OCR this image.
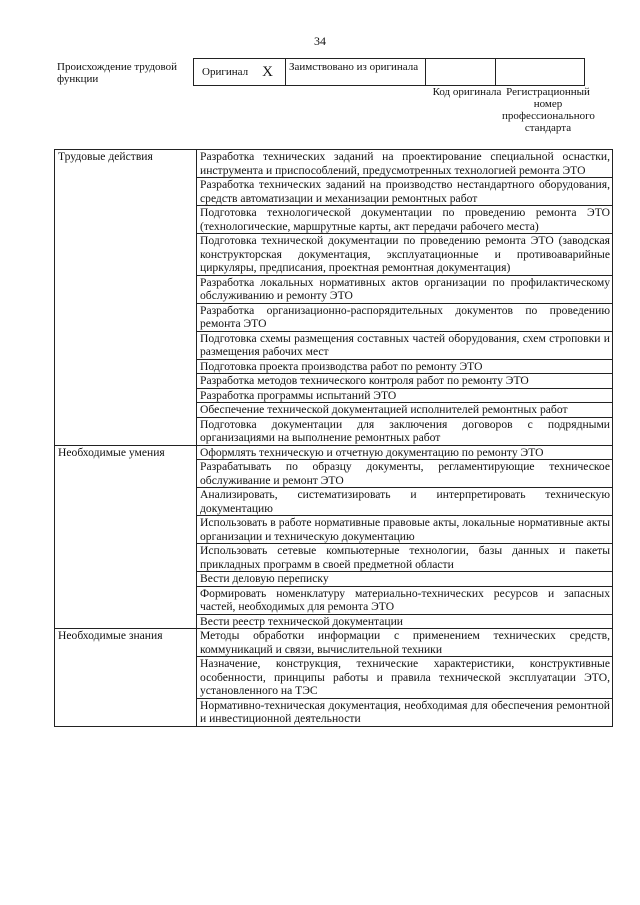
34
Происхождение трудовой функции
Оригинал X Заимствовано из оригинала
Код оригинала Регистрационный номер профессионального стандарта
Трудовые действия	Разработка технических заданий на проектирование специальной оснастки, инструмента и приспособлений, предусмотренных технологией ремонта ЭТО
	Разработка технических заданий на производство нестандартного оборудования, средств автоматизации и механизации ремонтных работ
	Подготовка технологической документации по проведению ремонта ЭТО (технологические, маршрутные карты, акт передачи рабочего места)
	Подготовка технической документации по проведению ремонта ЭТО (заводская конструкторская документация, эксплуатационные и противоаварийные циркуляры, предписания, проектная ремонтная документация)
	Разработка локальных нормативных актов организации по профилактическому обслуживанию и ремонту ЭТО
	Разработка организационно-распорядительных документов по проведению ремонта ЭТО
	Подготовка схемы размещения составных частей оборудования, схем строповки и размещения рабочих мест
	Подготовка проекта производства работ по ремонту ЭТО
	Разработка методов технического контроля работ по ремонту ЭТО
	Разработка программы испытаний ЭТО
	Обеспечение технической документацией исполнителей ремонтных работ
	Подготовка документации для заключения договоров с подрядными организациями на выполнение ремонтных работ
Необходимые умения	Оформлять техническую и отчетную документацию по ремонту ЭТО
	Разрабатывать по образцу документы, регламентирующие техническое обслуживание и ремонт ЭТО
	Анализировать, систематизировать и интерпретировать техническую документацию
	Использовать в работе нормативные правовые акты, локальные нормативные акты организации и техническую документацию
	Использовать сетевые компьютерные технологии, базы данных и пакеты прикладных программ в своей предметной области
	Вести деловую переписку
	Формировать номенклатуру материально-технических ресурсов и запасных частей, необходимых для ремонта ЭТО
	Вести реестр технической документации
Необходимые знания	Методы обработки информации с применением технических средств, коммуникаций и связи, вычислительной техники
	Назначение, конструкция, технические характеристики, конструктивные особенности, принципы работы и правила технической эксплуатации ЭТО, установленного на ТЭС
	Нормативно-техническая документация, необходимая для обеспечения ремонтной и инвестиционной деятельности
